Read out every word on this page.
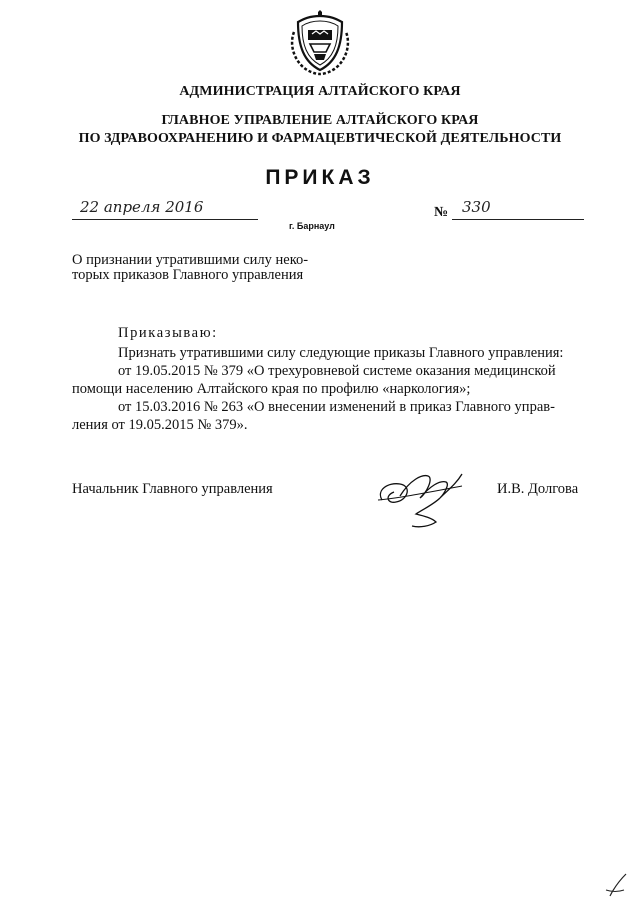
АДМИНИСТРАЦИЯ АЛТАЙСКОГО КРАЯ
ГЛАВНОЕ УПРАВЛЕНИЕ АЛТАЙСКОГО КРАЯ
ПО ЗДРАВООХРАНЕНИЮ И ФАРМАЦЕВТИЧЕСКОЙ ДЕЯТЕЛЬНОСТИ
ПРИКАЗ
22 апреля 2016
г. Барнаул
№ 330
О признании утратившими силу неко-
торых приказов Главного управления
Приказываю:
Признать утратившими силу следующие приказы Главного управления:
от 19.05.2015 № 379 «О трехуровневой системе оказания медицинской
помощи населению Алтайского края по профилю «наркология»;
от 15.03.2016 № 263 «О внесении изменений в приказ Главного управ-
ления от 19.05.2015 № 379».
Начальник Главного управления	И.В. Долгова
